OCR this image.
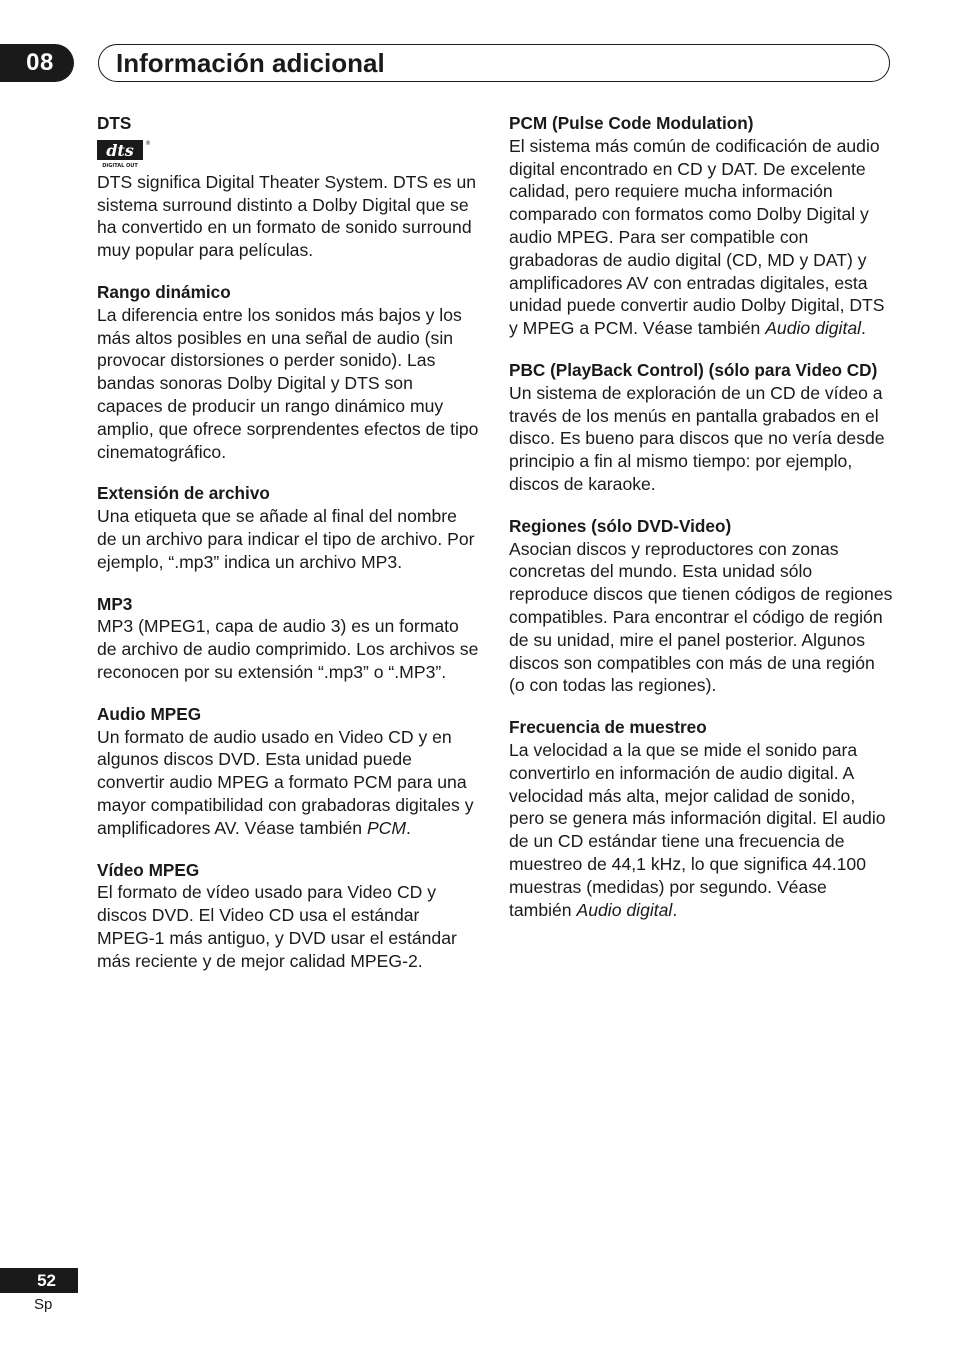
08	Información adicional

DTS

dts ®
DIGITAL OUT

DTS significa Digital Theater System. DTS es un sistema surround distinto a Dolby Digital que se ha convertido en un formato de sonido surround muy popular para películas.

Rango dinámico

La diferencia entre los sonidos más bajos y los más altos posibles en una señal de audio (sin provocar distorsiones o perder sonido). Las bandas sonoras Dolby Digital y DTS son capaces de producir un rango dinámico muy amplio, que ofrece sorprendentes efectos de tipo cinematográfico.

Extensión de archivo

Una etiqueta que se añade al final del nombre de un archivo para indicar el tipo de archivo. Por ejemplo, “.mp3” indica un archivo MP3.

MP3

MP3 (MPEG1, capa de audio 3) es un formato de archivo de audio comprimido. Los archivos se reconocen por su extensión “.mp3” o “.MP3”.

Audio MPEG

Un formato de audio usado en Video CD y en algunos discos DVD. Esta unidad puede convertir audio MPEG a formato PCM para una mayor compatibilidad con grabadoras digitales y amplificadores AV. Véase también PCM.

Vídeo MPEG

El formato de vídeo usado para Video CD y discos DVD. El Video CD usa el estándar MPEG-1 más antiguo, y DVD usar el estándar más reciente y de mejor calidad MPEG-2.

PCM (Pulse Code Modulation)

El sistema más común de codificación de audio digital encontrado en CD y DAT. De excelente calidad, pero requiere mucha información comparado con formatos como Dolby Digital y audio MPEG. Para ser compatible con grabadoras de audio digital (CD, MD y DAT) y amplificadores AV con entradas digitales, esta unidad puede convertir audio Dolby Digital, DTS y MPEG a PCM. Véase también Audio digital.

PBC (PlayBack Control) (sólo para Video CD)

Un sistema de exploración de un CD de vídeo a través de los menús en pantalla grabados en el disco. Es bueno para discos que no vería desde principio a fin al mismo tiempo: por ejemplo, discos de karaoke.

Regiones (sólo DVD-Video)

Asocian discos y reproductores con zonas concretas del mundo. Esta unidad sólo reproduce discos que tienen códigos de regiones compatibles. Para encontrar el código de región de su unidad, mire el panel posterior. Algunos discos son compatibles con más de una región (o con todas las regiones).

Frecuencia de muestreo

La velocidad a la que se mide el sonido para convertirlo en información de audio digital. A velocidad más alta, mejor calidad de sonido, pero se genera más información digital. El audio de un CD estándar tiene una frecuencia de muestreo de 44,1 kHz, lo que significa 44.100 muestras (medidas) por segundo. Véase también Audio digital.

52
Sp
